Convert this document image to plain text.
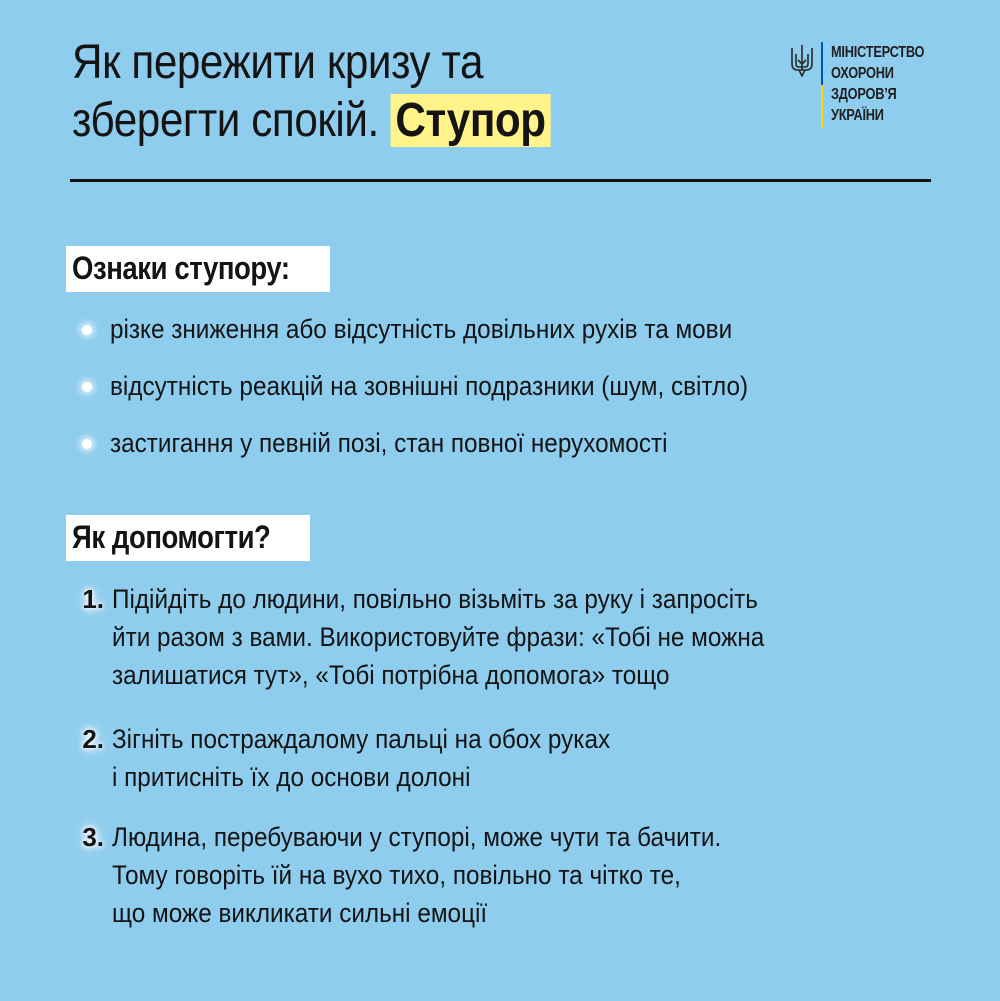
Як пережити кризу та
зберегти спокій. Ступор
МІНІСТЕРСТВО
ОХОРОНИ
ЗДОРОВ’Я
УКРАЇНИ
Ознаки ступору:
різке зниження або відсутність довільних рухів та мови
відсутність реакцій на зовнішні подразники (шум, світло)
застигання у певній позі, стан повної нерухомості
Як допомогти?
1. Підійдіть до людини, повільно візьміть за руку і запросіть
йти разом з вами. Використовуйте фрази: «Тобі не можна
залишатися тут», «Тобі потрібна допомога» тощо
2. Зігніть постраждалому пальці на обох руках
і притисніть їх до основи долоні
3. Людина, перебуваючи у ступорі, може чути та бачити.
Тому говоріть їй на вухо тихо, повільно та чітко те,
що може викликати сильні емоції
